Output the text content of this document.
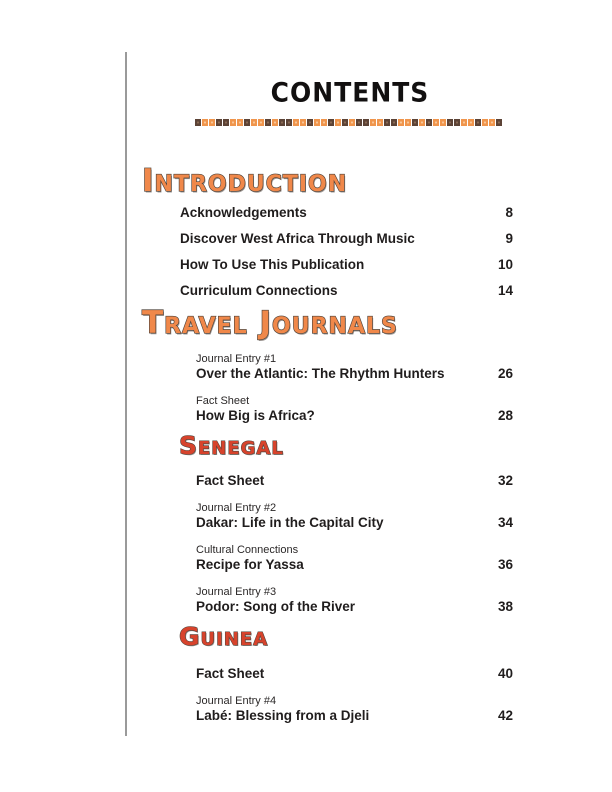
CONTENTS
Introduction
Acknowledgements	8
Discover West Africa Through Music	9
How To Use This Publication	10
Curriculum Connections	14
Travel Journals
Journal Entry #1
Over the Atlantic: The Rhythm Hunters	26
Fact Sheet
How Big is Africa?	28
Senegal
Fact Sheet	32
Journal Entry #2
Dakar: Life in the Capital City	34
Cultural Connections
Recipe for Yassa	36
Journal Entry #3
Podor: Song of the River	38
Guinea
Fact Sheet	40
Journal Entry #4
Labé: Blessing from a Djeli	42
